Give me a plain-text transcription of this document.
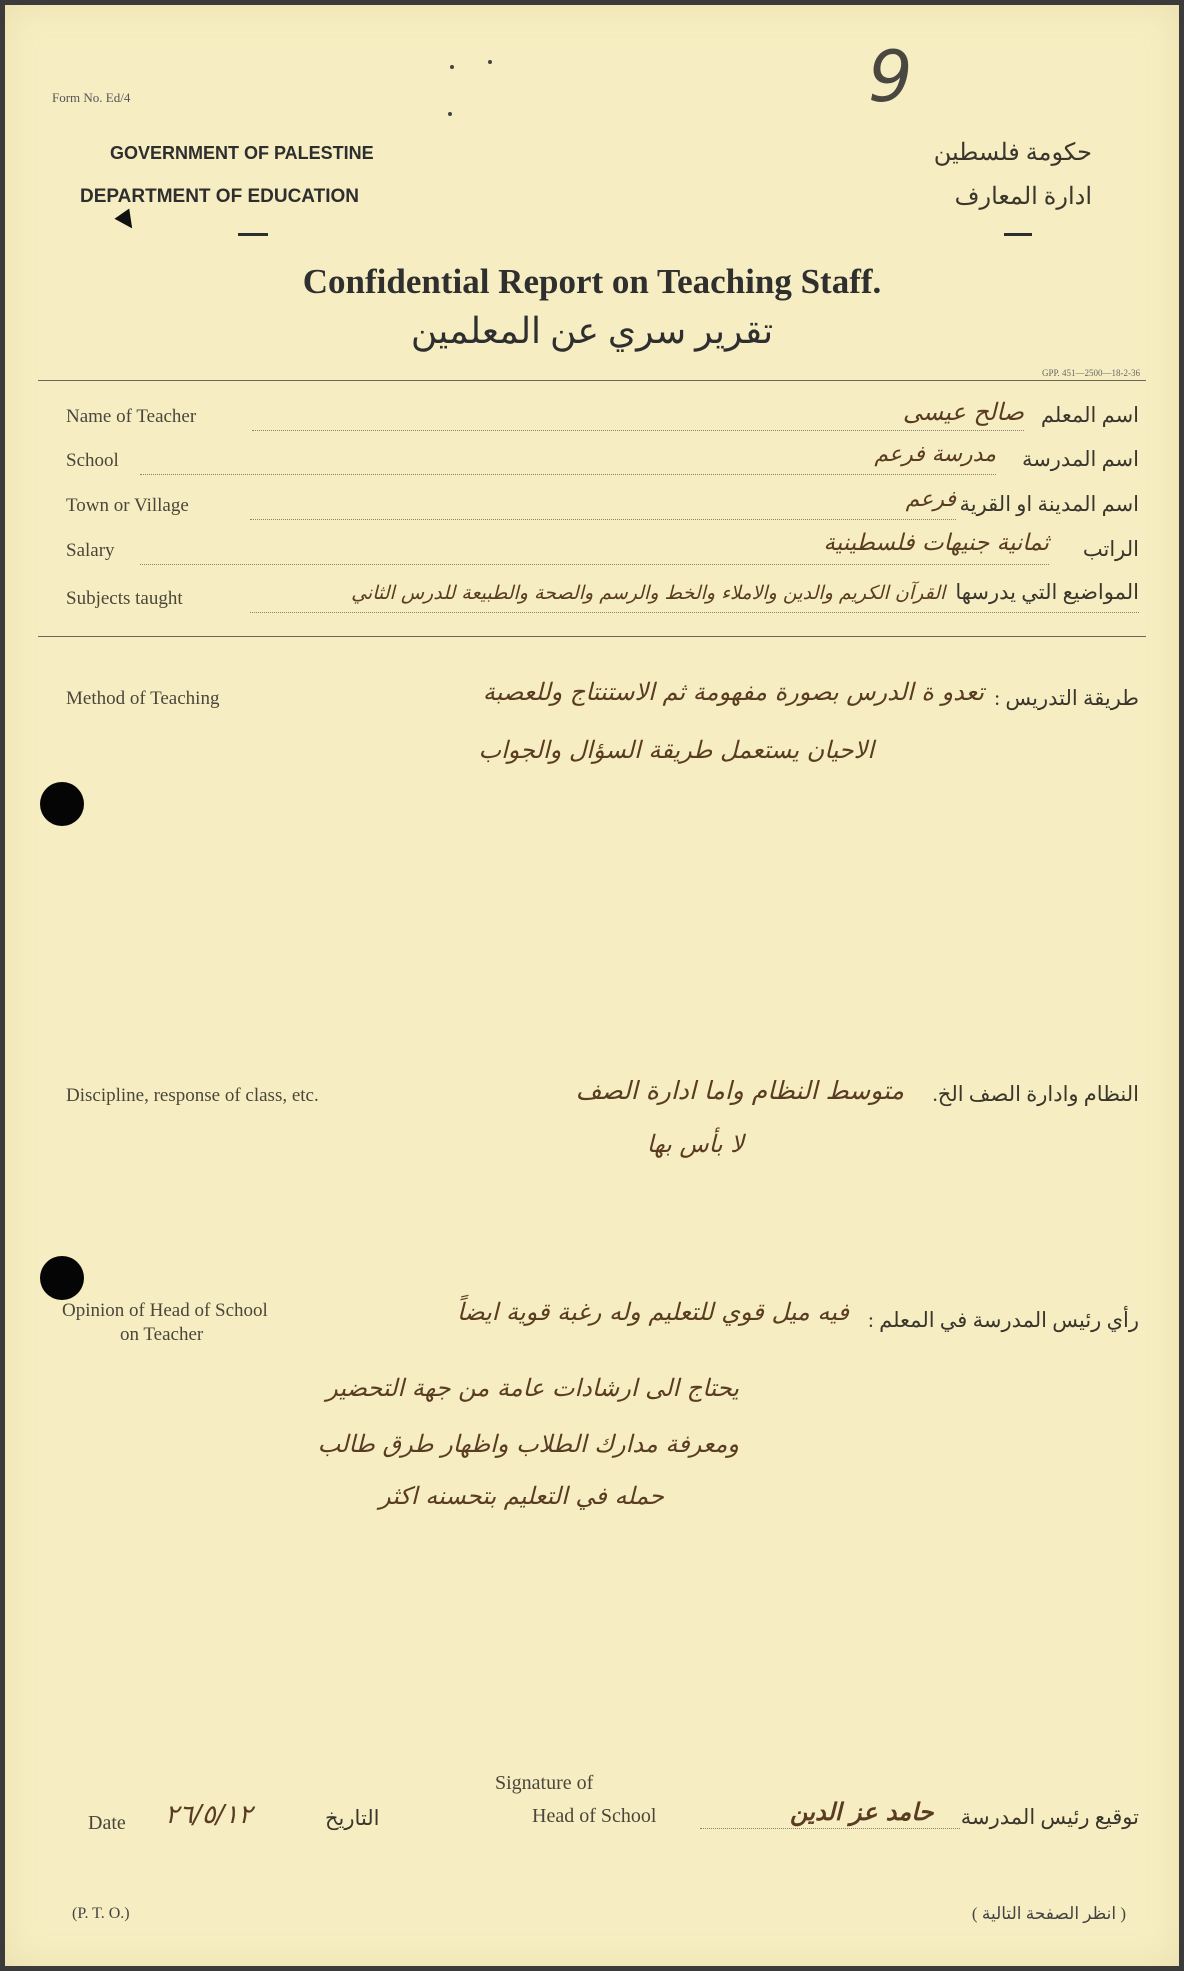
Form No. Ed/4	9
GOVERNMENT OF PALESTINE
DEPARTMENT OF EDUCATION
حكومة فلسطين
ادارة المعارف
Confidential Report on Teaching Staff.
تقرير سري عن المعلمين
GPP. 451—2500—18-2-36
Name of Teacher	اسم المعلم
صالح عيسى
School	اسم المدرسة
مدرسة فرعم
Town or Village	اسم المدينة او القرية
فرعم
Salary	الراتب
ثمانية جنيهات فلسطينية
Subjects taught	المواضيع التي يدرسها القرآن الكريم والدين والاملاء والخط والرسم والصحة والطبيعة للدرس الثاني
Method of Teaching	طريقة التدريس :
تعدو ة الدرس بصورة مفهومة ثم الاستنتاج وللعصبة
الاحيان يستعمل طريقة السؤال والجواب
Discipline, response of class, etc.	النظام وادارة الصف الخ.
متوسط النظام واما ادارة الصف
لا بأس بها
Opinion of Head of School
on Teacher
رأي رئيس المدرسة في المعلم :
فيه ميل قوي للتعليم وله رغبة قوية ايضاً
يحتاج الى ارشادات عامة من جهة التحضير
ومعرفة مدارك الطلاب واظهار طرق طالب
حمله في التعليم بتحسنه اكثر
Date ٢٦/٥/١٢	التاريخ
Signature of
Head of School	حامد عز الدين توقيع رئيس المدرسة
(P. T. O.)	( انظر الصفحة التالية )
